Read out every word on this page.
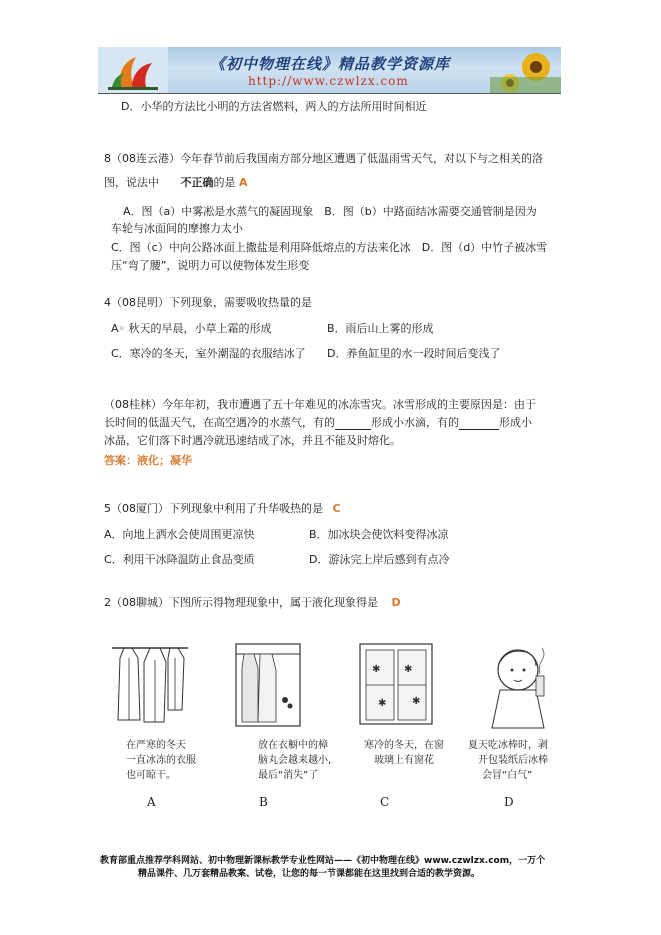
《初中物理在线》精品教学资源库
http://www.czwlzx.com
D．小华的方法比小明的方法省燃料，两人的方法所用时间相近
8（08连云港）今年春节前后我国南方部分地区遭遇了低温雨雪天气，对以下与之相关的洛
图，说法中 不正确的是 A
A．图（a）中雾凇是水蒸气的凝固现象　B．图（b）中路面结冰需要交通管制是因为
车轮与冰面间的摩擦力太小
C．图（c）中向公路冰面上撒盐是利用降低熔点的方法来化冰　D．图（d）中竹子被冰雪
压“弯了腰”，说明力可以使物体发生形变
4（08昆明）下列现象，需要吸收热量的是
A◦ 秋天的早晨，小草上霜的形成	B．雨后山上雾的形成
C．寒冷的冬天，室外潮湿的衣服结冰了 D．养鱼缸里的水一段时间后变浅了
（08桂林）今年年初，我市遭遇了五十年难见的冰冻雪灾。冰雪形成的主要原因是：由于
长时间的低温天气，在高空遇冷的水蒸气，有的	形成小水滴，有的	形成小
冰晶，它们落下时遇冷就迅速结成了冰，并且不能及时熔化。
答案：液化；凝华
5（08厦门）下列现象中利用了升华吸热的是 C
A．向地上洒水会使周围更凉快	B．加冰块会使饮料变得冰凉
C．利用干冰降温防止食品变质	D．游泳完上岸后感到有点冷
2（08聊城）下图所示得物理现象中，属于液化现象得是 D
✱
✱
✱
✱
在严寒的冬天
一直冰冻的衣服
也可晾干。
放在衣橱中的樟
脑丸会越来越小,
最后“消失”了
寒冷的冬天，在窗
玻璃上有窗花
夏天吃冰棒时，剥
开包装纸后冰棒
会冒“白气”
A	B	C	D
教育部重点推荐学科网站、初中物理新课标教学专业性网站——《初中物理在线》www.czwlzx.com，一万个
精品课件、几万套精品教案、试卷，让您的每一节课都能在这里找到合适的教学资源。
